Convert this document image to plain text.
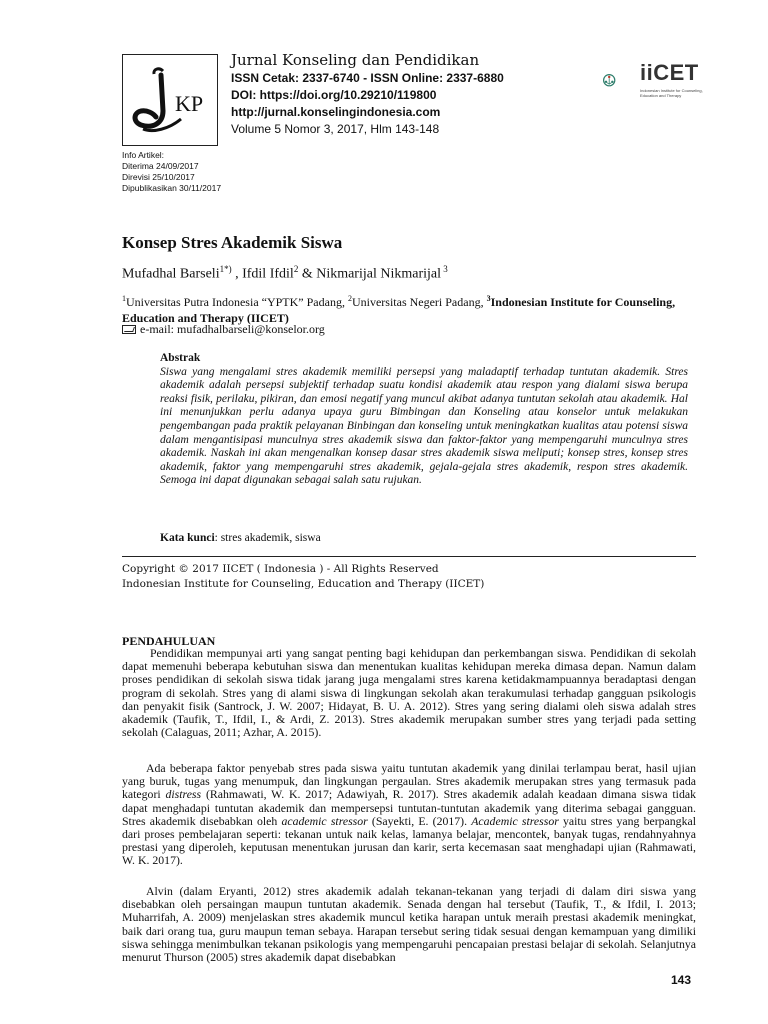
KP
Jurnal Konseling dan Pendidikan
ISSN Cetak: 2337-6740 - ISSN Online: 2337-6880
DOI: https://doi.org/10.29210/119800
http://jurnal.konselingindonesia.com
Volume 5 Nomor 3, 2017, Hlm 143-148
iiCET
Indonesian Institute for Counseling, Education and Therapy
Info Artikel:
Diterima 24/09/2017
Direvisi 25/10/2017
Dipublikasikan 30/11/2017
Konsep Stres Akademik Siswa
Mufadhal Barseli$^{1*)}$ , Ifdil Ifdil$^2$ & Nikmarijal Nikmarijal $^3$
$^1$Universitas Putra Indonesia “YPTK” Padang, $^2$Universitas Negeri Padang, $^3$Indonesian Institute for Counseling, Education and Therapy (IICET)
e-mail : mufadhalbarseli@konselor.org
Abstrak
Siswa yang mengalami stres akademik memiliki persepsi yang maladaptif terhadap tuntutan akademik. Stres akademik adalah persepsi subjektif terhadap suatu kondisi akademik atau respon yang dialami siswa berupa reaksi fisik, perilaku, pikiran, dan emosi negatif yang muncul akibat adanya tuntutan sekolah atau akademik. Hal ini menunjukkan perlu adanya upaya guru Bimbingan dan Konseling atau konselor untuk melakukan pengembangan pada praktik pelayanan Binbingan dan konseling untuk meningkatkan kualitas atau potensi siswa dalam mengantisipasi munculnya stres akademik siswa dan faktor-faktor yang mempengaruhi munculnya stres akademik. Naskah ini akan mengenalkan konsep dasar stres akademik siswa meliputi; konsep stres, konsep stres akademik, faktor yang mempengaruhi stres akademik, gejala-gejala stres akademik, respon stres akademik. Semoga ini dapat digunakan sebagai salah satu rujukan.
Kata kunci: stres akademik, siswa
Copyright © 2017 IICET ( Indonesia ) - All Rights Reserved
Indonesian Institute for Counseling, Education and Therapy (IICET)
PENDAHULUAN
Pendidikan mempunyai arti yang sangat penting bagi kehidupan dan perkembangan siswa. Pendidikan di sekolah dapat memenuhi beberapa kebutuhan siswa dan menentukan kualitas kehidupan mereka dimasa depan. Namun dalam proses pendidikan di sekolah siswa tidak jarang juga mengalami stres karena ketidakmampuannya beradaptasi dengan program di sekolah. Stres yang di alami siswa di lingkungan sekolah akan terakumulasi terhadap gangguan psikologis dan penyakit fisik (Santrock, J. W. 2007; Hidayat, B. U. A. 2012). Stres yang sering dialami oleh siswa adalah stres akademik (Taufik, T., Ifdil, I., & Ardi, Z. 2013). Stres akademik merupakan sumber stres yang terjadi pada setting sekolah (Calaguas, 2011; Azhar, A. 2015).
Ada beberapa faktor penyebab stres pada siswa yaitu tuntutan akademik yang dinilai terlampau berat, hasil ujian yang buruk, tugas yang menumpuk, dan lingkungan pergaulan. Stres akademik merupakan stres yang termasuk pada kategori distress (Rahmawati, W. K. 2017; Adawiyah, R. 2017). Stres akademik adalah keadaan dimana siswa tidak dapat menghadapi tuntutan akademik dan mempersepsi tuntutan-tuntutan akademik yang diterima sebagai gangguan. Stres akademik disebabkan oleh academic stressor (Sayekti, E. (2017). Academic stressor yaitu stres yang berpangkal dari proses pembelajaran seperti: tekanan untuk naik kelas, lamanya belajar, mencontek, banyak tugas, rendahnyahnya prestasi yang diperoleh, keputusan menentukan jurusan dan karir, serta kecemasan saat menghadapi ujian (Rahmawati, W. K. 2017).
Alvin (dalam Eryanti, 2012) stres akademik adalah tekanan-tekanan yang terjadi di dalam diri siswa yang disebabkan oleh persaingan maupun tuntutan akademik. Senada dengan hal tersebut (Taufik, T., & Ifdil, I. 2013; Muharrifah, A. 2009) menjelaskan stres akademik muncul ketika harapan untuk meraih prestasi akademik meningkat, baik dari orang tua, guru maupun teman sebaya. Harapan tersebut sering tidak sesuai dengan kemampuan yang dimiliki siswa sehingga menimbulkan tekanan psikologis yang mempengaruhi pencapaian prestasi belajar di sekolah. Selanjutnya menurut Thurson (2005) stres akademik dapat disebabkan
143
